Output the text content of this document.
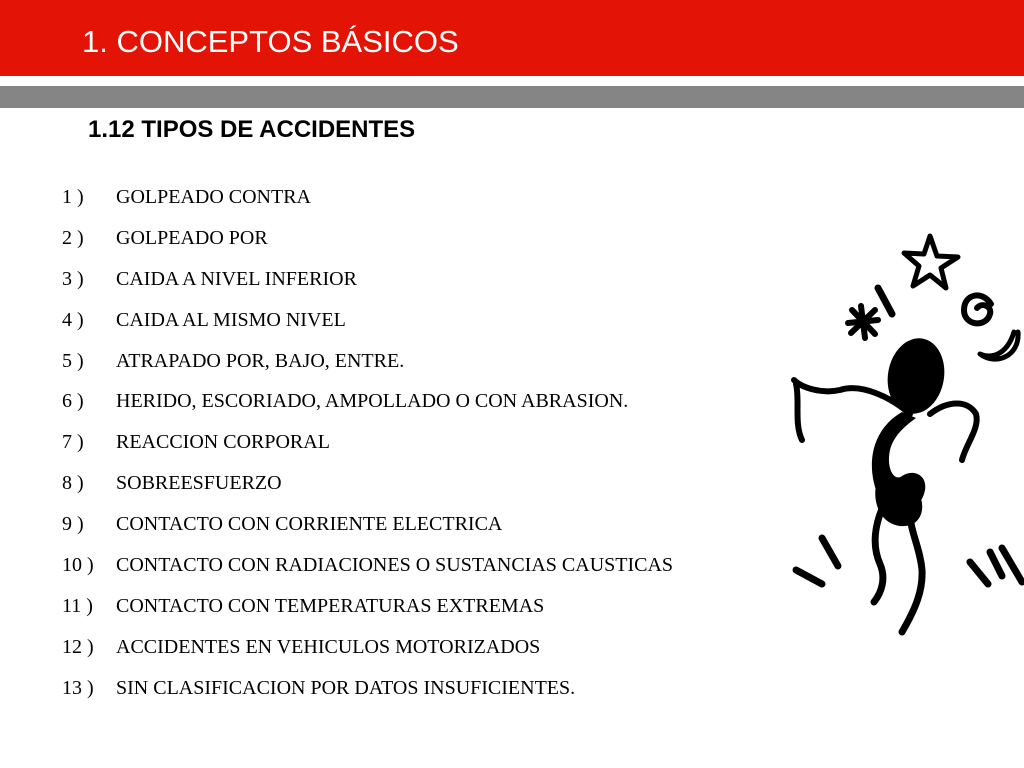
1. CONCEPTOS BÁSICOS
1.12 TIPOS DE ACCIDENTES
1 )	GOLPEADO CONTRA
2 )	GOLPEADO POR
3 )	CAIDA A NIVEL INFERIOR
4 )	CAIDA AL MISMO NIVEL
5 )	ATRAPADO POR, BAJO, ENTRE.
6 )	HERIDO, ESCORIADO, AMPOLLADO O CON ABRASION.
7 )	REACCION CORPORAL
8 )	SOBREESFUERZO
9 )	CONTACTO CON CORRIENTE ELECTRICA
10 )	CONTACTO CON RADIACIONES O SUSTANCIAS CAUSTICAS
11 )	CONTACTO CON TEMPERATURAS EXTREMAS
12 )	ACCIDENTES EN VEHICULOS MOTORIZADOS
13 )	SIN CLASIFICACION POR DATOS INSUFICIENTES.
